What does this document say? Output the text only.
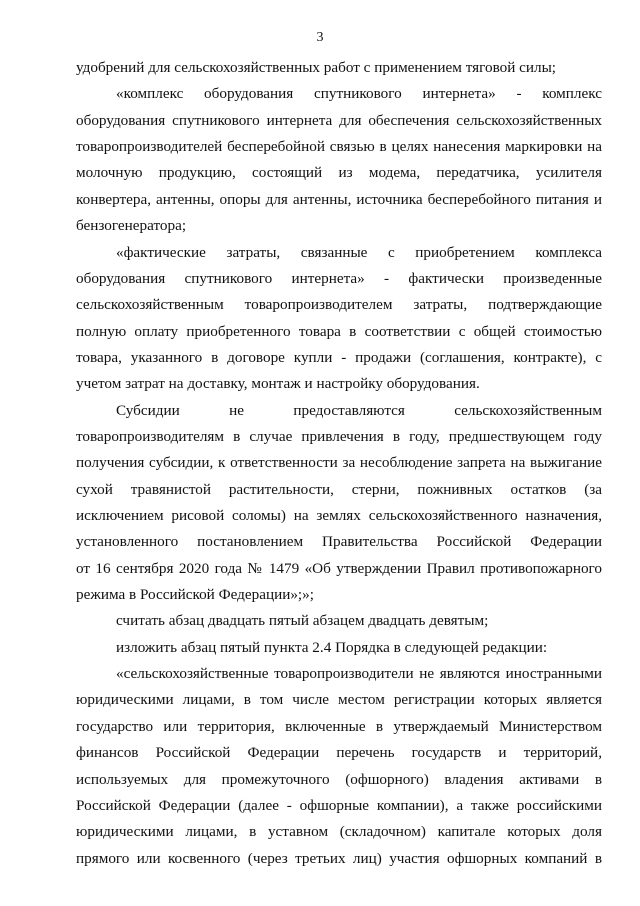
3
удобрений для сельскохозяйственных работ с применением тяговой силы;
«комплекс оборудования спутникового интернета» - комплекс
оборудования спутникового интернета для обеспечения сельскохозяйственных
товаропроизводителей бесперебойной связью в целях нанесения маркировки на
молочную продукцию, состоящий из модема, передатчика, усилителя
конвертера, антенны, опоры для антенны, источника бесперебойного питания и
бензогенератора;
«фактические затраты, связанные с приобретением комплекса
оборудования спутникового интернета» - фактически произведенные
сельскохозяйственным товаропроизводителем затраты, подтверждающие
полную оплату приобретенного товара в соответствии с общей стоимостью
товара, указанного в договоре купли - продажи (соглашения, контракте), с
учетом затрат на доставку, монтаж и настройку оборудования.
Субсидии не предоставляются сельскохозяйственным
товаропроизводителям в случае привлечения в году, предшествующем году
получения субсидии, к ответственности за несоблюдение запрета на выжигание
сухой травянистой растительности, стерни, пожнивных остатков (за
исключением рисовой соломы) на землях сельскохозяйственного назначения,
установленного постановлением Правительства Российской Федерации
от 16 сентября 2020 года № 1479 «Об утверждении Правил противопожарного
режима в Российской Федерации»;»;
считать абзац двадцать пятый абзацем двадцать девятым;
изложить абзац пятый пункта 2.4 Порядка в следующей редакции:
«сельскохозяйственные товаропроизводители не являются иностранными
юридическими лицами, в том числе местом регистрации которых является
государство или территория, включенные в утверждаемый Министерством
финансов Российской Федерации перечень государств и территорий,
используемых для промежуточного (офшорного) владения активами в
Российской Федерации (далее - офшорные компании), а также российскими
юридическими лицами, в уставном (складочном) капитале которых доля
прямого или косвенного (через третьих лиц) участия офшорных компаний в
